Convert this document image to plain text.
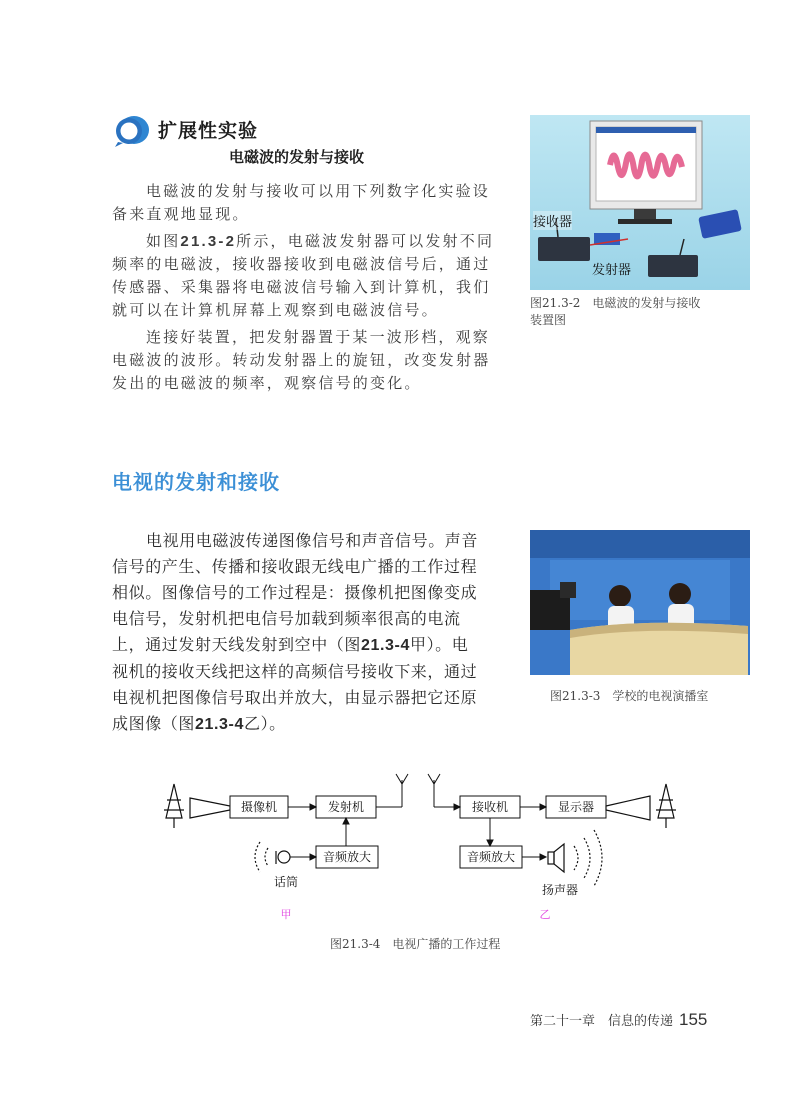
扩展性实验
电磁波的发射与接收
电磁波的发射与接收可以用下列数字化实验设
备来直观地显现。
如图21.3-2所示，电磁波发射器可以发射不同
频率的电磁波，接收器接收到电磁波信号后，通过
传感器、采集器将电磁波信号输入到计算机，我们
就可以在计算机屏幕上观察到电磁波信号。
连接好装置，把发射器置于某一波形档，观察
电磁波的波形。转动发射器上的旋钮，改变发射器
发出的电磁波的频率，观察信号的变化。
接收器
发射器
图21.3-2　电磁波的发射与接收
装置图
电视的发射和接收
电视用电磁波传递图像信号和声音信号。声音
信号的产生、传播和接收跟无线电广播的工作过程
相似。图像信号的工作过程是：摄像机把图像变成
电信号，发射机把电信号加载到频率很高的电流
上，通过发射天线发射到空中（图21.3-4甲）。电
视机的接收天线把这样的高频信号接收下来，通过
电视机把图像信号取出并放大，由显示器把它还原
成图像（图21.3-4乙）。
图21.3-3　学校的电视演播室
摄像机	发射机
音频放大
话筒
接收机	显示器
音频放大
扬声器
甲	乙
图21.3-4　电视广播的工作过程
第二十一章　信息的传递 155
